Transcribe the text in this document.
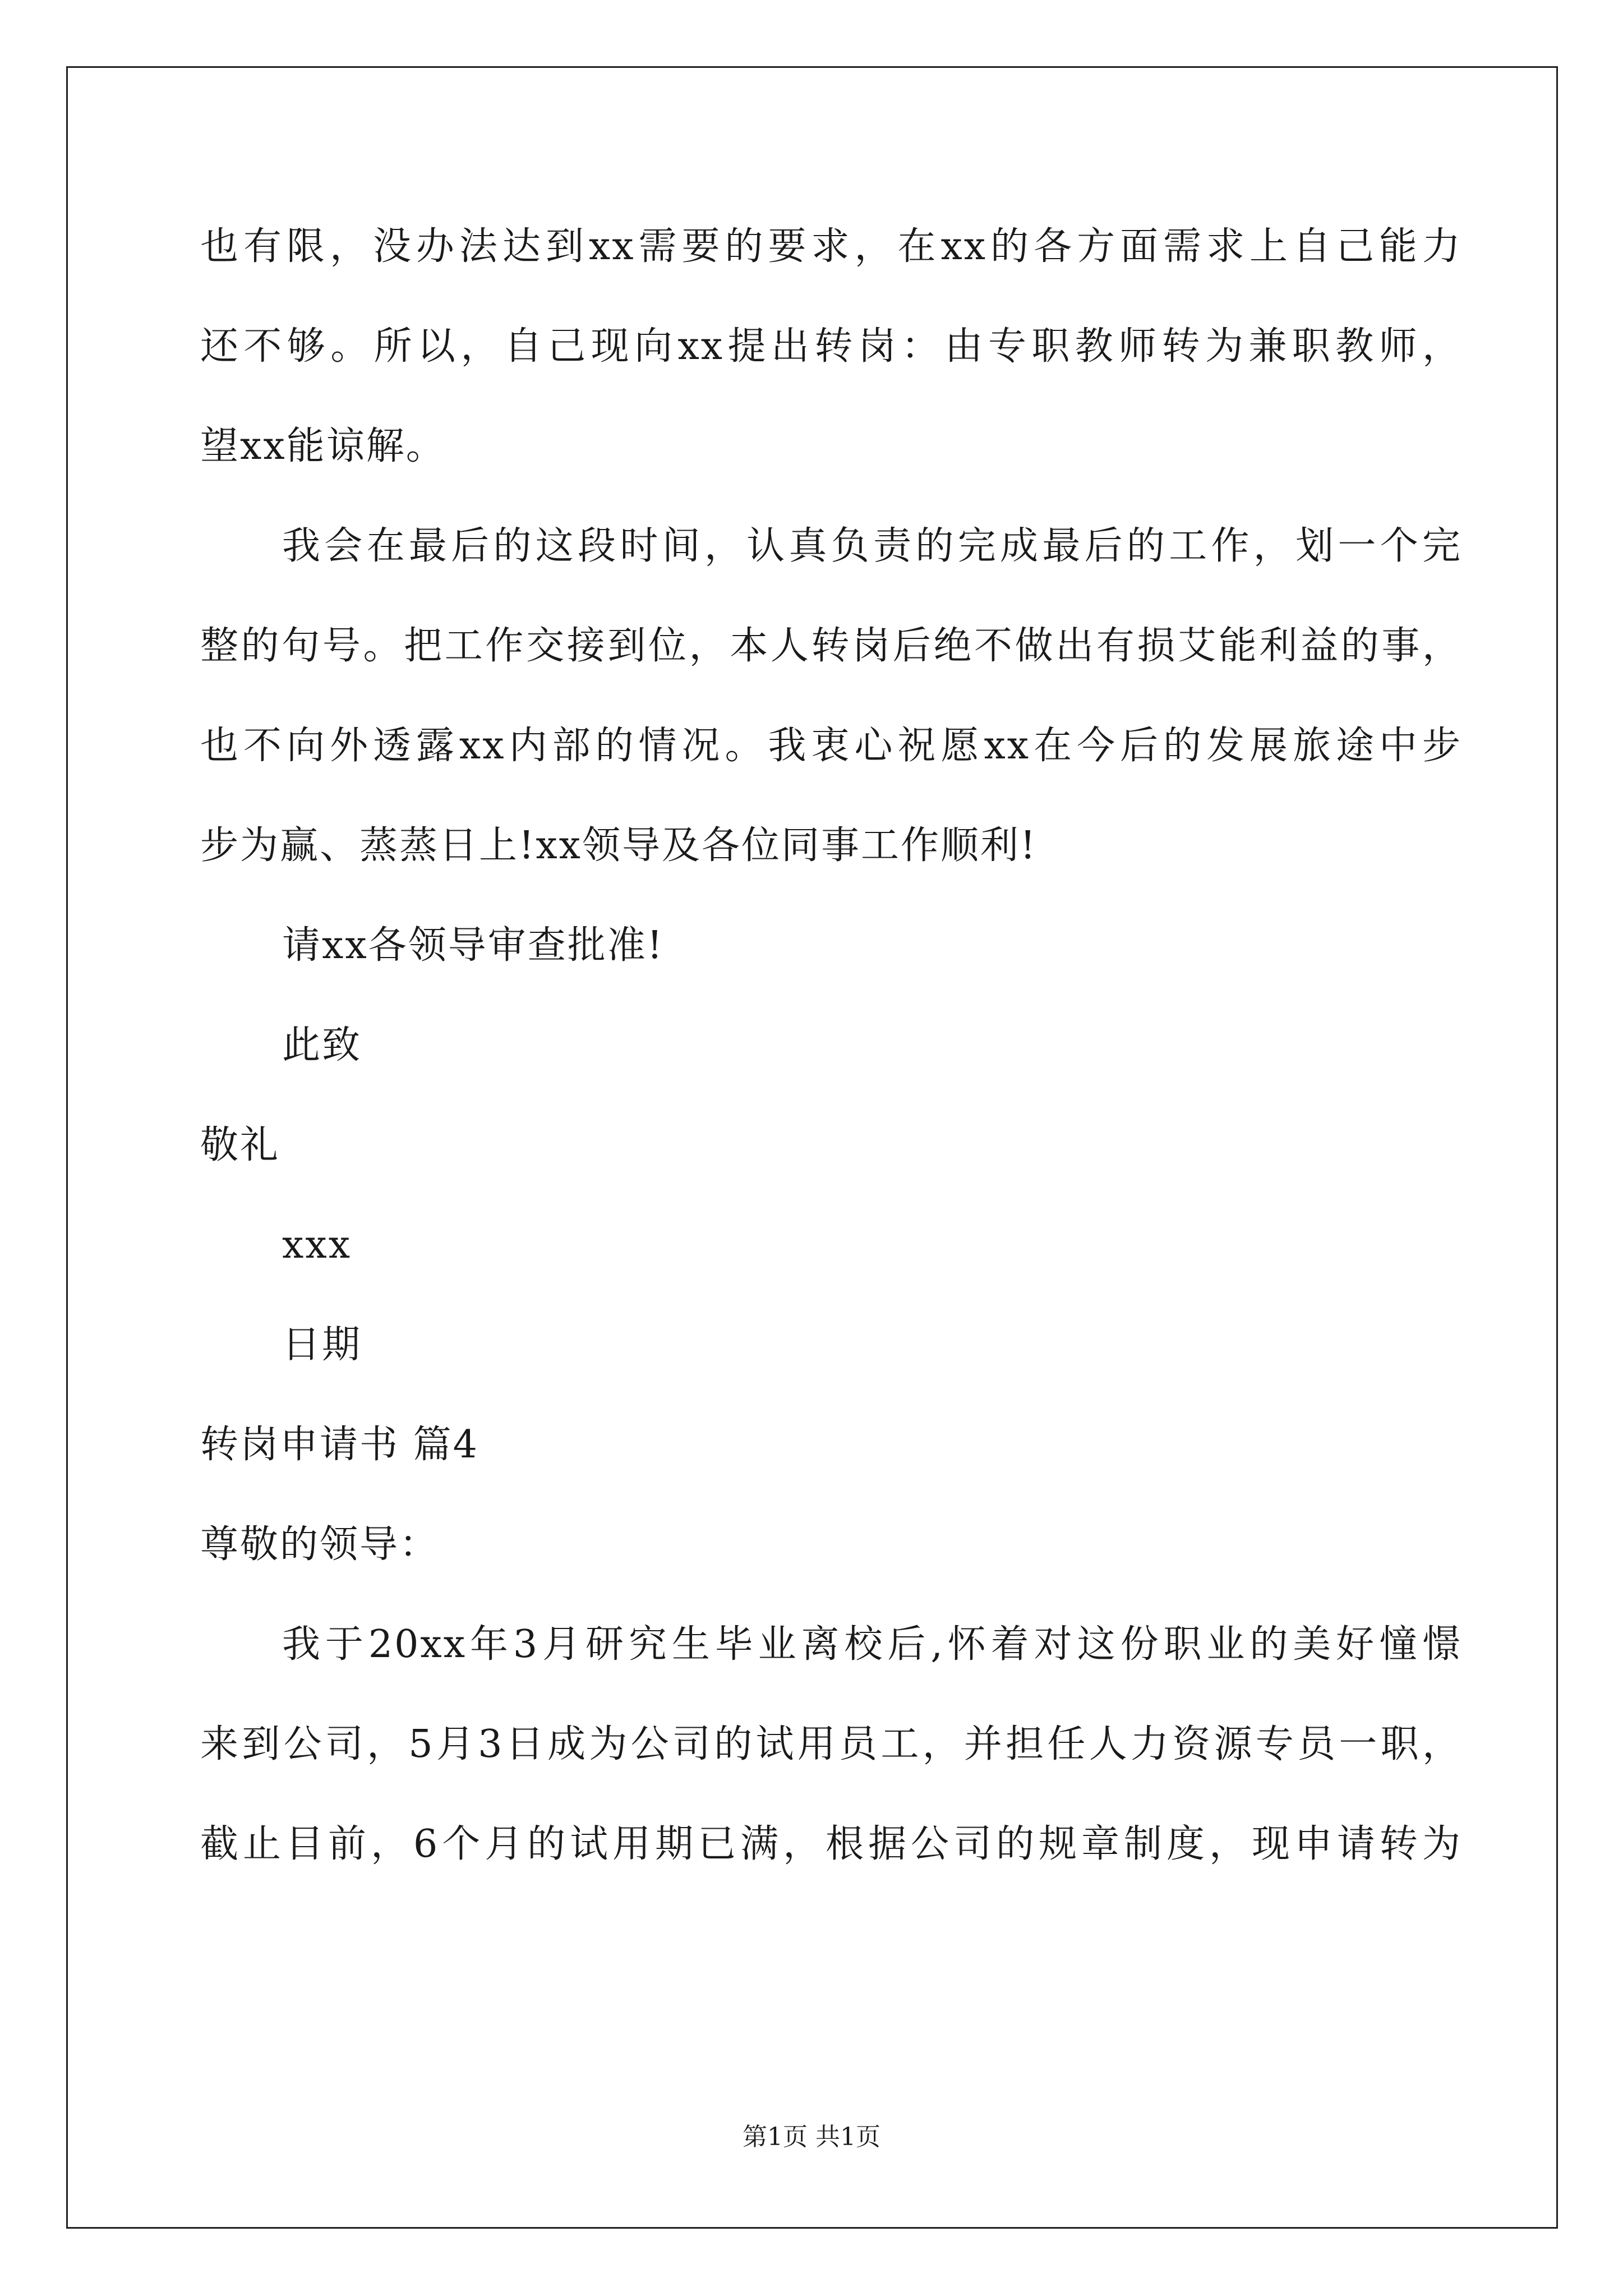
也有限，没办法达到xx需要的要求，在xx的各方面需求上自己能力
还不够。所以，自己现向xx提出转岗：由专职教师转为兼职教师，
望xx能谅解。
我会在最后的这段时间，认真负责的完成最后的工作，划一个完
整的句号。把工作交接到位，本人转岗后绝不做出有损艾能利益的事，
也不向外透露xx内部的情况。我衷心祝愿xx在今后的发展旅途中步
步为赢、蒸蒸日上!xx领导及各位同事工作顺利!
请xx各领导审查批准!
此致
敬礼
xxx
日期
转岗申请书 篇4
尊敬的领导：
我于20xx年3月研究生毕业离校后,怀着对这份职业的美好憧憬
来到公司，5月3日成为公司的试用员工，并担任人力资源专员一职，
截止目前，6个月的试用期已满，根据公司的规章制度，现申请转为
第1页 共1页
